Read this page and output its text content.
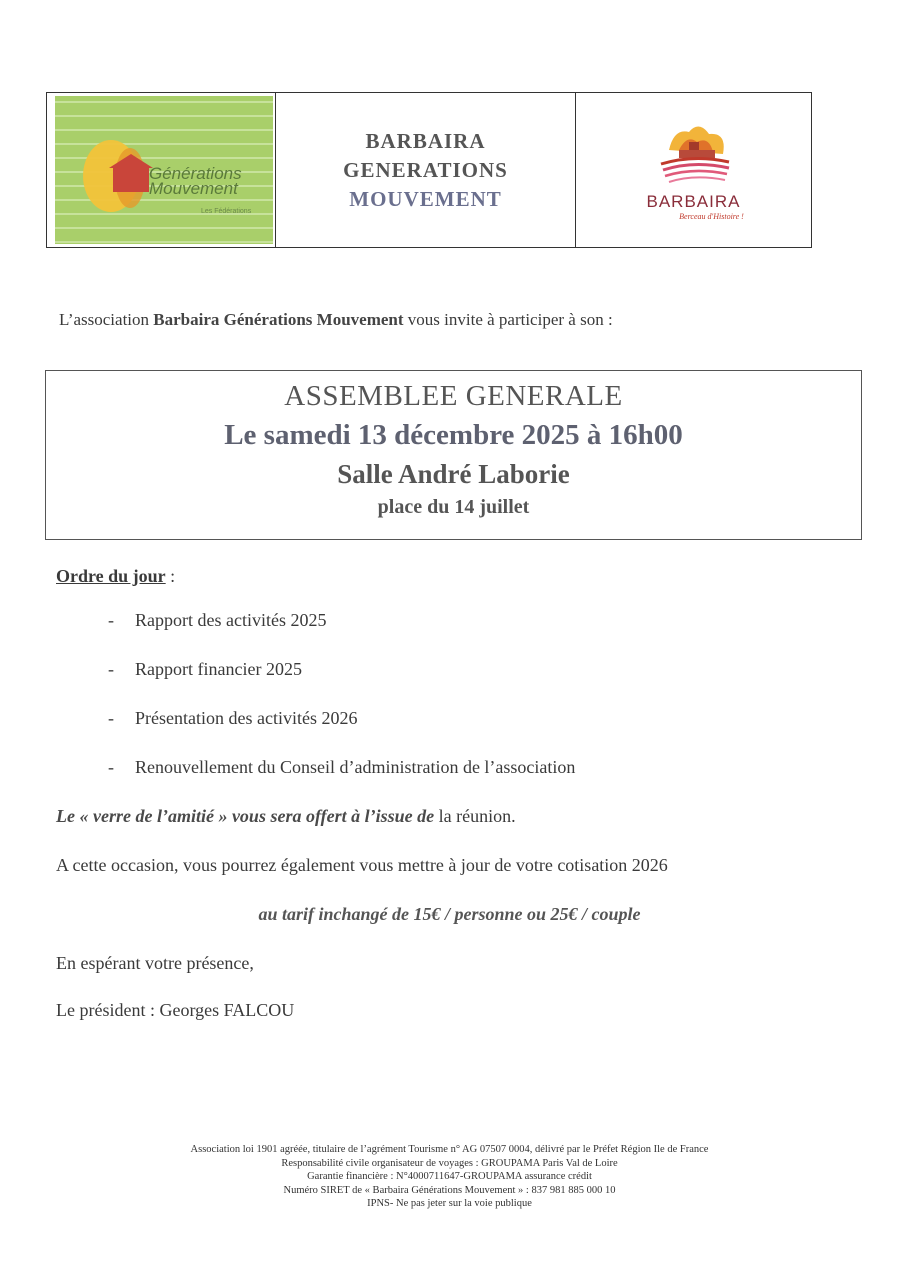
Générations Mouvement
Les Fédérations
BARBAIRA
GENERATIONS
MOUVEMENT	BARBAIRA
Berceau d'Histoire !
L’association Barbaira Générations Mouvement vous invite à participer à son :
ASSEMBLEE GENERALE
Le samedi 13 décembre 2025 à 16h00
Salle André Laborie
place du 14 juillet
Ordre du jour :
-	Rapport des activités 2025
-	Rapport financier 2025
-	Présentation des activités 2026
-	Renouvellement du Conseil d’administration de l’association
Le « verre de l’amitié » vous sera offert à l’issue de la réunion.
A cette occasion, vous pourrez également vous mettre à jour de votre cotisation 2026
au tarif inchangé de 15€ / personne ou 25€ / couple
En espérant votre présence,
Le président : Georges FALCOU
Association loi 1901 agréée, titulaire de l’agrément Tourisme n° AG 07507 0004, délivré par le Préfet Région Ile de France
Responsabilité civile organisateur de voyages : GROUPAMA Paris Val de Loire
Garantie financière : N°4000711647-GROUPAMA assurance crédit
Numéro SIRET de « Barbaira Générations Mouvement » : 837 981 885 000 10
IPNS- Ne pas jeter sur la voie publique
